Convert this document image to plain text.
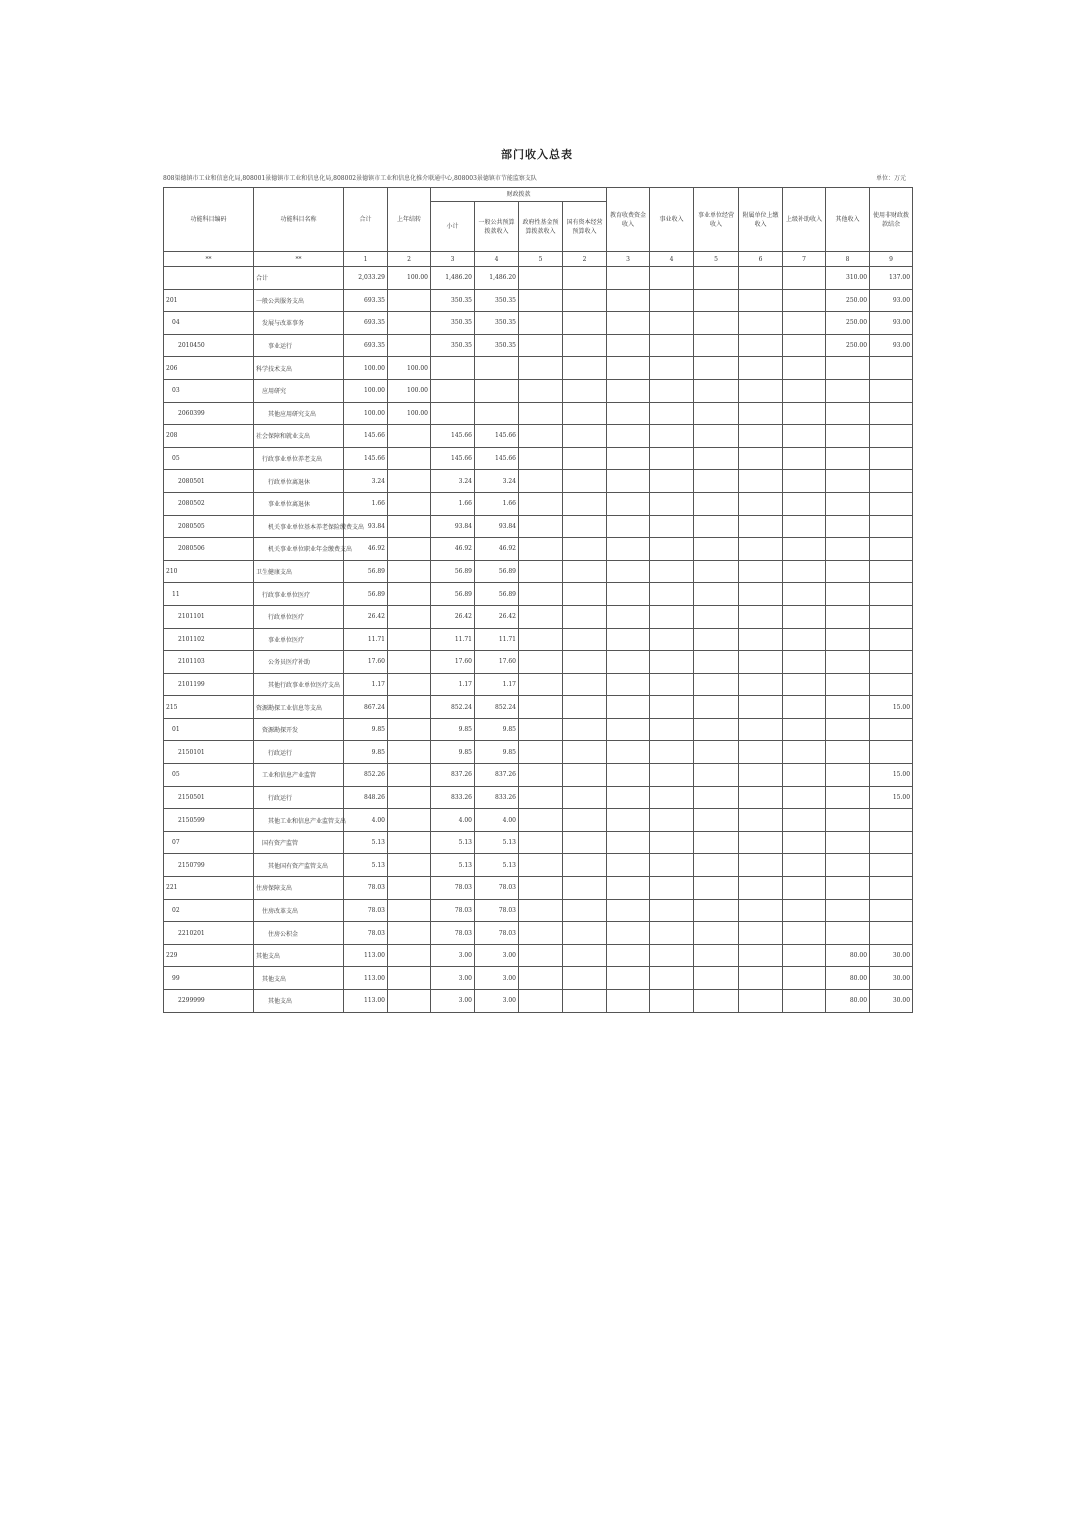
部门收入总表
808渠德镇市工业和信息化局,808001景德镇市工业和信息化局,808002景德镇市工业和信息化推介联通中心,808003景德镇市节能监察支队	单位：万元
功能科目编码	功能科目名称	合计	上年结转	财政拨款				教育收费资金收入	事业收入	事业单位经营收入	附属单位上缴收入	上级补助收入	其他收入	使用非财政拨款结余
				小计	一般公共预算拨款收入	政府性基金预算拨款收入	国有资本经营预算收入							
**	**	1	2	3	4	5	2	3	4	5	6	7	8	9
	合计	2,033.29	100.00	1,486.20	1,486.20								310.00	137.00
201	一般公共服务支出	693.35		350.35	350.35								250.00	93.00
04	发展与改革事务	693.35		350.35	350.35								250.00	93.00
2010450	事业运行	693.35		350.35	350.35								250.00	93.00
206	科学技术支出	100.00	100.00											
03	应用研究	100.00	100.00											
2060399	其他应用研究支出	100.00	100.00											
208	社会保障和就业支出	145.66		145.66	145.66									
05	行政事业单位养老支出	145.66		145.66	145.66									
2080501	行政单位离退休	3.24		3.24	3.24									
2080502	事业单位离退休	1.66		1.66	1.66									
2080505	机关事业单位基本养老保险缴费支出	93.84		93.84	93.84									
2080506	机关事业单位职业年金缴费支出	46.92		46.92	46.92									
210	卫生健康支出	56.89		56.89	56.89									
11	行政事业单位医疗	56.89		56.89	56.89									
2101101	行政单位医疗	26.42		26.42	26.42									
2101102	事业单位医疗	11.71		11.71	11.71									
2101103	公务员医疗补助	17.60		17.60	17.60									
2101199	其他行政事业单位医疗支出	1.17		1.17	1.17									
215	资源勘探工业信息等支出	867.24		852.24	852.24									15.00
01	资源勘探开发	9.85		9.85	9.85									
2150101	行政运行	9.85		9.85	9.85									
05	工业和信息产业监管	852.26		837.26	837.26									15.00
2150501	行政运行	848.26		833.26	833.26									15.00
2150599	其他工业和信息产业监管支出	4.00		4.00	4.00									
07	国有资产监管	5.13		5.13	5.13									
2150799	其他国有资产监管支出	5.13		5.13	5.13									
221	住房保障支出	78.03		78.03	78.03									
02	住房改革支出	78.03		78.03	78.03									
2210201	住房公积金	78.03		78.03	78.03									
229	其他支出	113.00		3.00	3.00								80.00	30.00
99	其他支出	113.00		3.00	3.00								80.00	30.00
2299999	其他支出	113.00		3.00	3.00								80.00	30.00
